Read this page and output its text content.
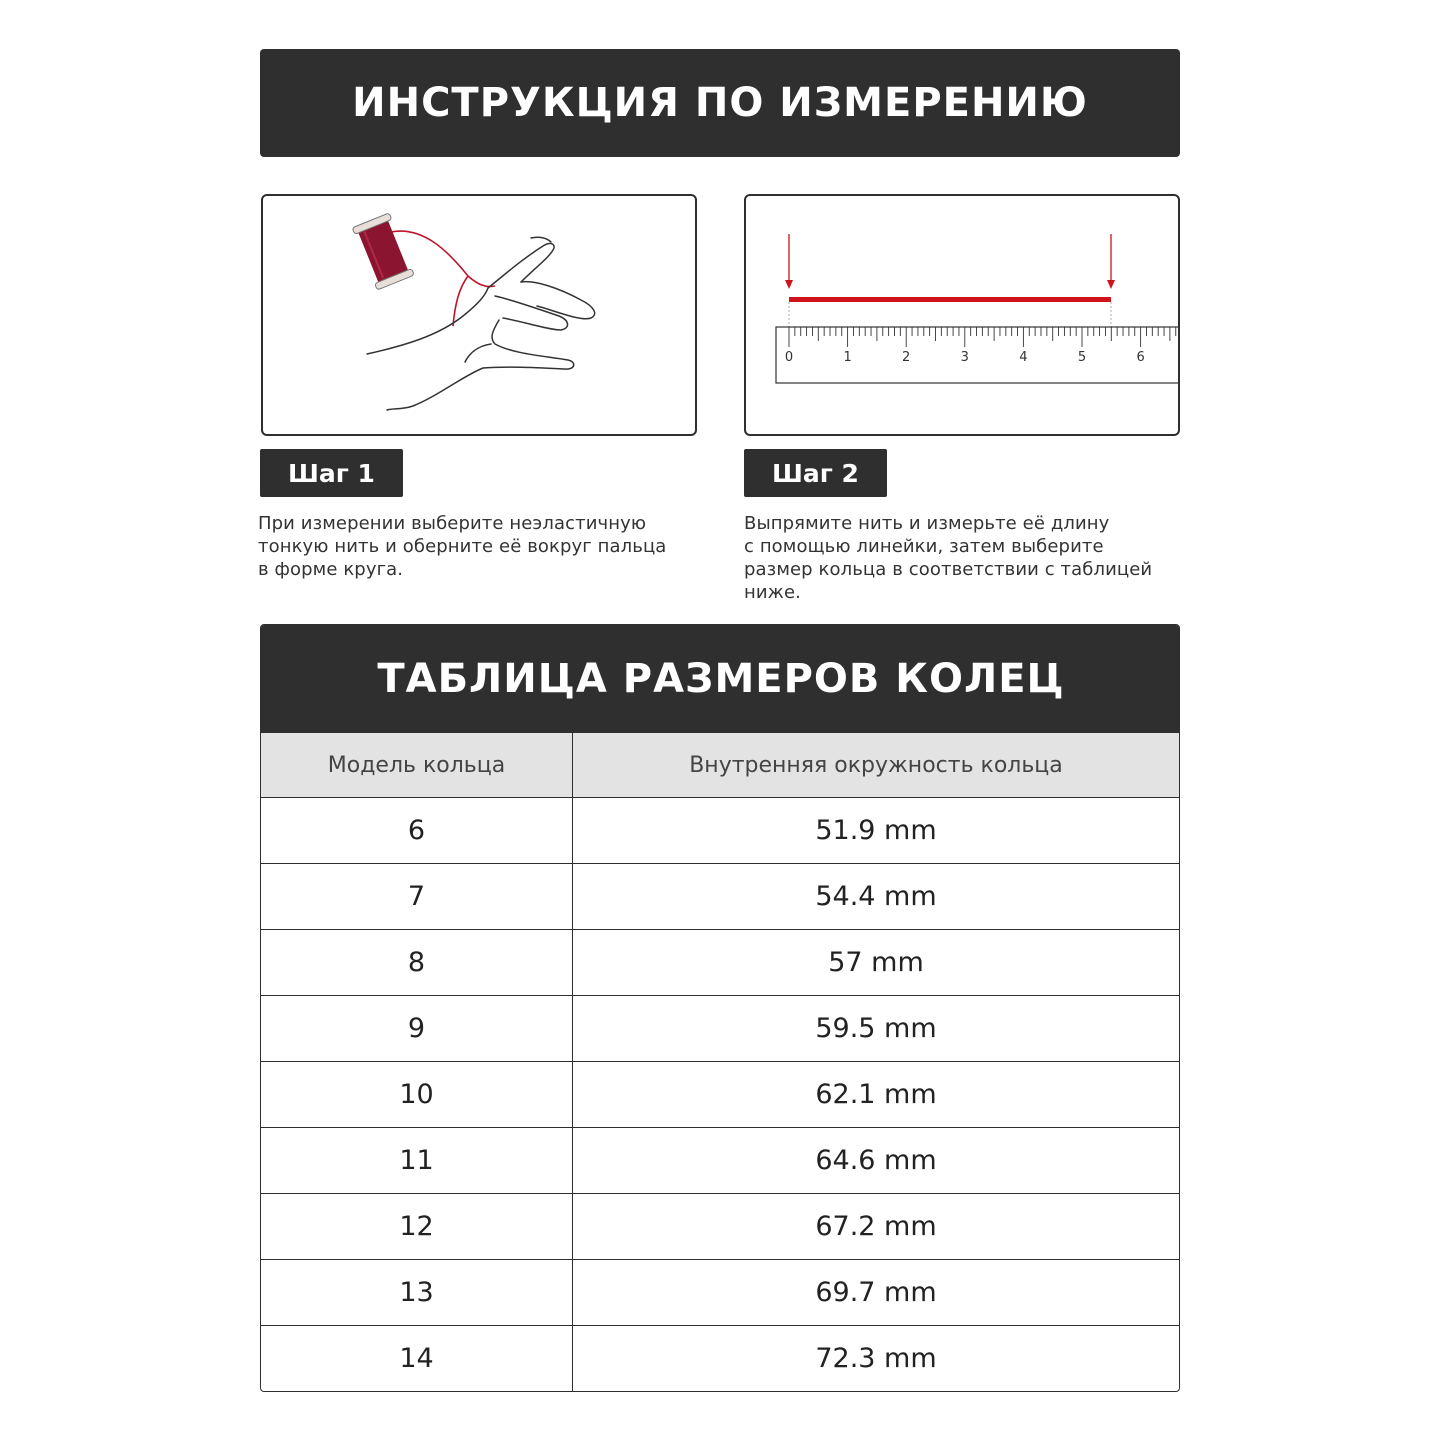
ИНСТРУКЦИЯ ПО ИЗМЕРЕНИЮ
0	1	2	3	4	5	6
Шаг 1	Шаг 2
При измерении выберите неэластичную
тонкую нить и оберните её вокруг пальца
в форме круга.
Выпрямите нить и измерьте её длину
с помощью линейки, затем выберите
размер кольца в соответствии с таблицей
ниже.
ТАБЛИЦА РАЗМЕРОВ КОЛЕЦ
Модель кольца	Внутренняя окружность кольца
6	51.9 mm
7	54.4 mm
8	57 mm
9	59.5 mm
10	62.1 mm
11	64.6 mm
12	67.2 mm
13	69.7 mm
14	72.3 mm
